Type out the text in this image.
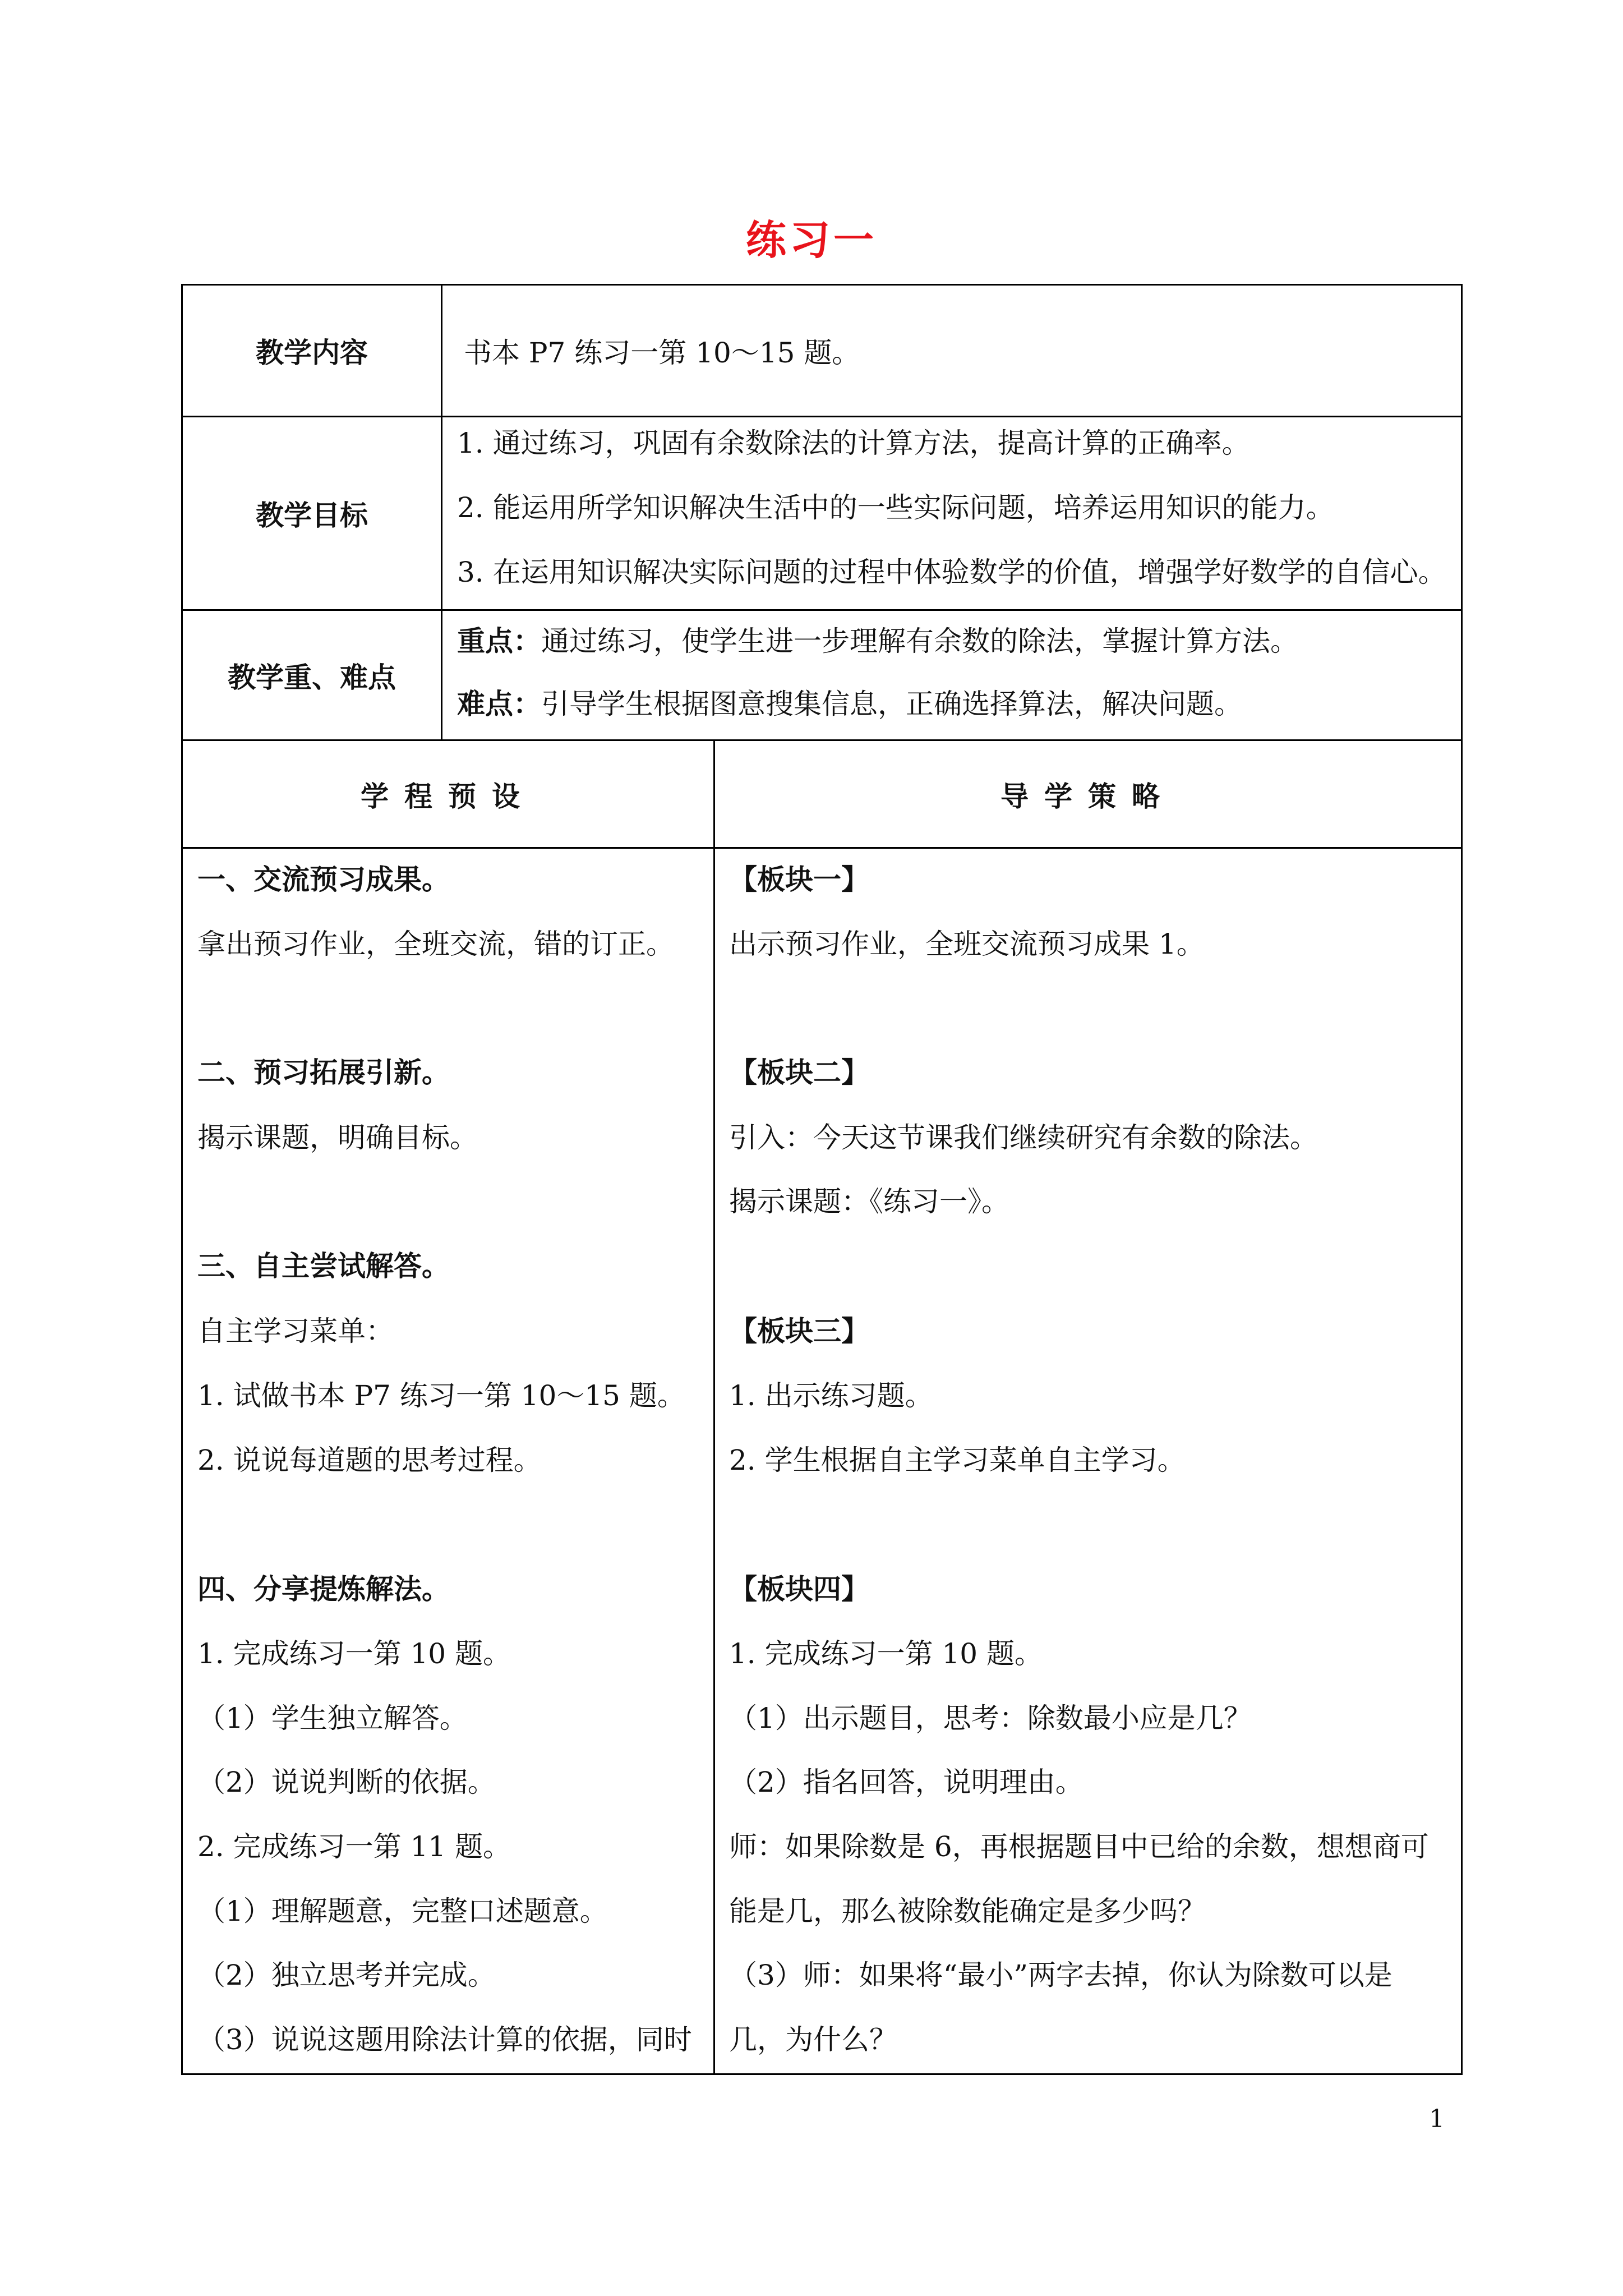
练习一
教学内容	书本 P7 练习一第 10～15 题。
教学目标
1. 通过练习，巩固有余数除法的计算方法，提高计算的正确率。
2. 能运用所学知识解决生活中的一些实际问题，培养运用知识的能力。
3. 在运用知识解决实际问题的过程中体验数学的价值，增强学好数学的自信心。
教学重、难点
重点：通过练习，使学生进一步理解有余数的除法，掌握计算方法。
难点：引导学生根据图意搜集信息，正确选择算法，解决问题。
学程预设	导学策略
一、交流预习成果。
拿出预习作业，全班交流，错的订正。
二、预习拓展引新。
揭示课题，明确目标。
三、自主尝试解答。
自主学习菜单：
1. 试做书本 P7 练习一第 10～15 题。
2. 说说每道题的思考过程。
四、分享提炼解法。
1. 完成练习一第 10 题。
（1）学生独立解答。
（2）说说判断的依据。
2. 完成练习一第 11 题。
（1）理解题意，完整口述题意。
（2）独立思考并完成。
（3）说说这题用除法计算的依据，同时
【板块一】
出示预习作业，全班交流预习成果 1。
【板块二】
引入：今天这节课我们继续研究有余数的除法。
揭示课题：《练习一》。
【板块三】
1. 出示练习题。
2. 学生根据自主学习菜单自主学习。
【板块四】
1. 完成练习一第 10 题。
（1）出示题目，思考：除数最小应是几？
（2）指名回答，说明理由。
师：如果除数是 6，再根据题目中已给的余数，想想商可
能是几，那么被除数能确定是多少吗？
（3）师：如果将“最小”两字去掉，你认为除数可以是
几，为什么？
1
